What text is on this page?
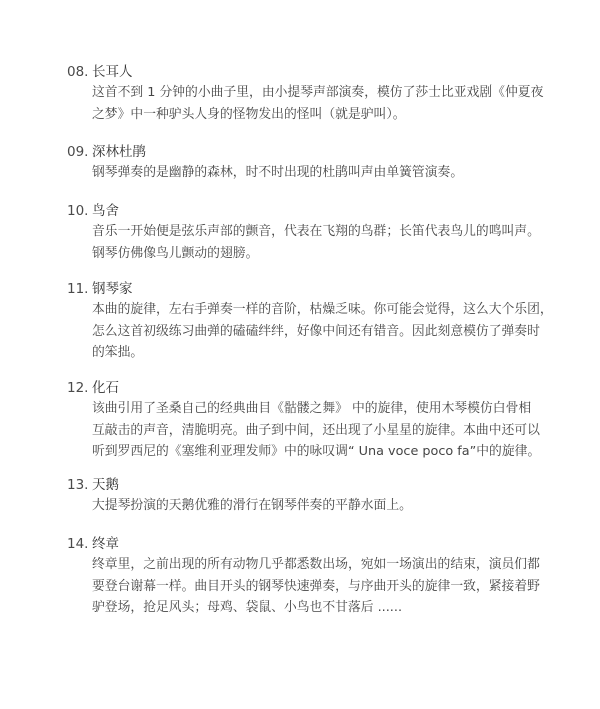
08. 长耳人
这首不到 1 分钟的小曲子里，由小提琴声部演奏，模仿了莎士比亚戏剧《仲夏夜
之梦》中一种驴头人身的怪物发出的怪叫（就是驴叫）。
09. 深林杜鹃
钢琴弹奏的是幽静的森林，时不时出现的杜鹃叫声由单簧管演奏。
10. 鸟舍
音乐一开始便是弦乐声部的颤音，代表在飞翔的鸟群；长笛代表鸟儿的鸣叫声。
钢琴仿佛像鸟儿颤动的翅膀。
11. 钢琴家
本曲的旋律，左右手弹奏一样的音阶，枯燥乏味。你可能会觉得，这么大个乐团，
怎么这首初级练习曲弹的磕磕绊绊，好像中间还有错音。因此刻意模仿了弹奏时
的笨拙。
12. 化石
该曲引用了圣桑自己的经典曲目《骷髅之舞》 中的旋律，使用木琴模仿白骨相
互敲击的声音，清脆明亮。曲子到中间，还出现了小星星的旋律。本曲中还可以
听到罗西尼的《塞维利亚理发师》中的咏叹调“ Una voce poco fa”中的旋律。
13. 天鹅
大提琴扮演的天鹅优雅的滑行在钢琴伴奏的平静水面上。
14. 终章
终章里，之前出现的所有动物几乎都悉数出场，宛如一场演出的结束，演员们都
要登台谢幕一样。曲目开头的钢琴快速弹奏，与序曲开头的旋律一致，紧接着野
驴登场，抢足风头；母鸡、袋鼠、小鸟也不甘落后 ......
